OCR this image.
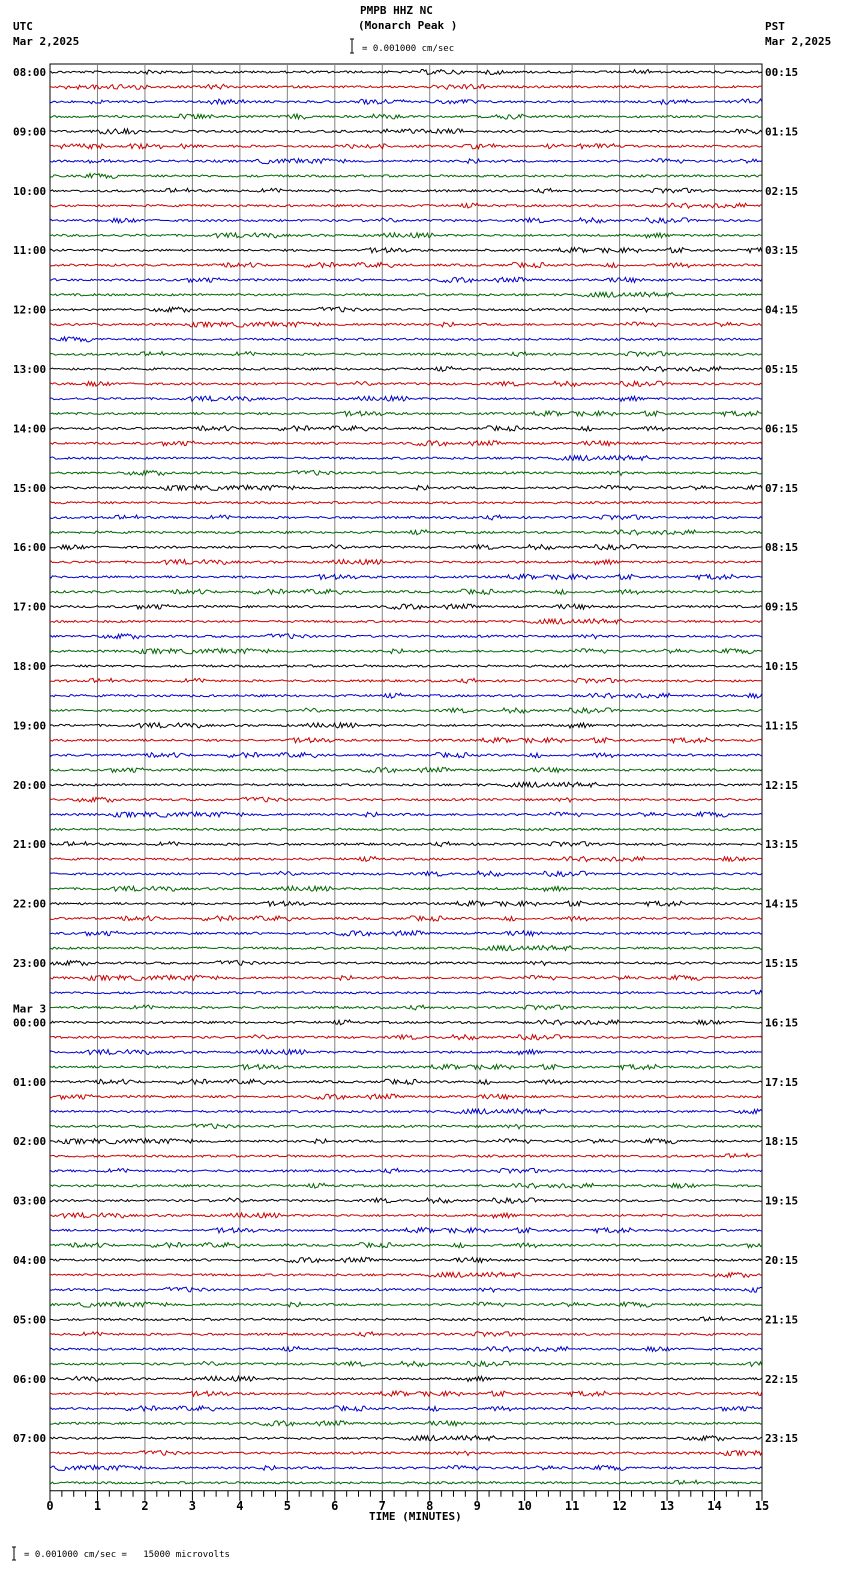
PMPB HHZ NC
(Monarch Peak )
UTC
Mar 2,2025
PST
Mar 2,2025
= 0.001000 cm/sec
TIME (MINUTES)
= 0.001000 cm/sec =   15000 microvolts
08:00	00:15
09:00	01:15
10:00	02:15
11:00	03:15
12:00	04:15
13:00	05:15
14:00	06:15
15:00	07:15
16:00	08:15
17:00	09:15
18:00	10:15
19:00	11:15
20:00	12:15
21:00	13:15
22:00	14:15
23:00	15:15
00:00	16:15
01:00	17:15
02:00	18:15
03:00	19:15
04:00	20:15
05:00	21:15
06:00	22:15
07:00	23:15
Mar 3
0	1	2	3	4	5	6	7	8	9	10	11	12	13	14	15
